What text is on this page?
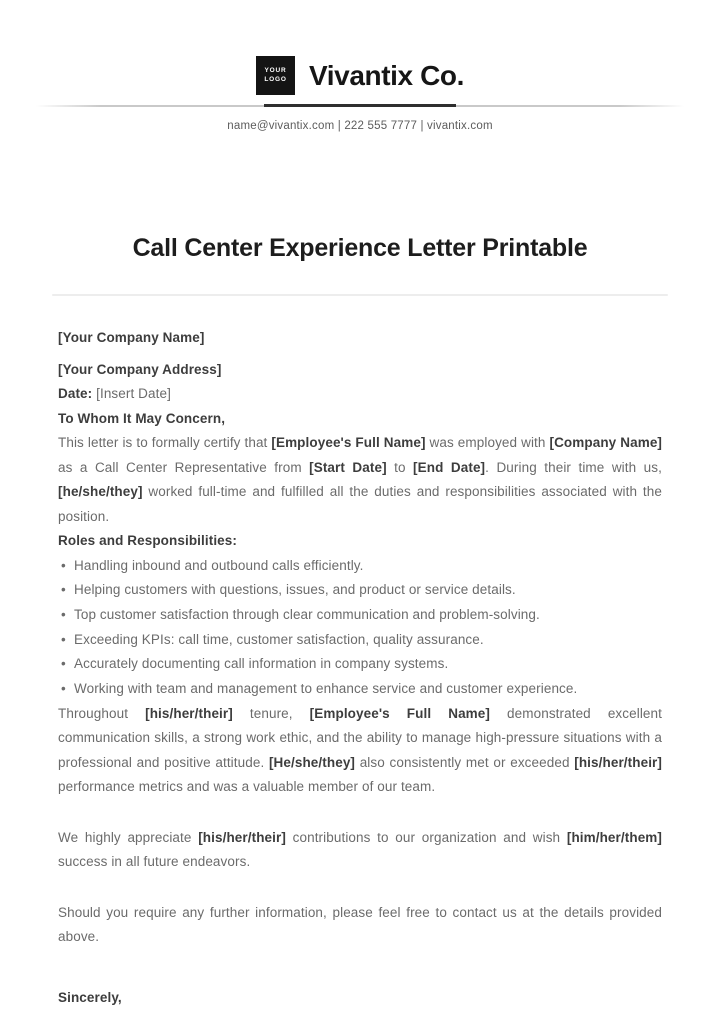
YOUR
LOGO Vivantix Co.
name@vivantix.com | 222 555 7777 | vivantix.com
Call Center Experience Letter Printable

[Your Company Name]

[Your Company Address]

Date: [Insert Date]

To Whom It May Concern,

This letter is to formally certify that [Employee's Full Name] was employed with [Company Name] as a Call Center Representative from [Start Date] to [End Date]. During their time with us, [he/she/they] worked full-time and fulfilled all the duties and responsibilities associated with the position.

Roles and Responsibilities:

• Handling inbound and outbound calls efficiently.
• Helping customers with questions, issues, and product or service details.
• Top customer satisfaction through clear communication and problem-solving.
• Exceeding KPIs: call time, customer satisfaction, quality assurance.
• Accurately documenting call information in company systems.
• Working with team and management to enhance service and customer experience.

Throughout [his/her/their] tenure, [Employee's Full Name] demonstrated excellent communication skills, a strong work ethic, and the ability to manage high-pressure situations with a professional and positive attitude. [He/she/they] also consistently met or exceeded [his/her/their] performance metrics and was a valuable member of our team.

We highly appreciate [his/her/their] contributions to our organization and wish [him/her/them] success in all future endeavors.

Should you require any further information, please feel free to contact us at the details provided above.

Sincerely,
